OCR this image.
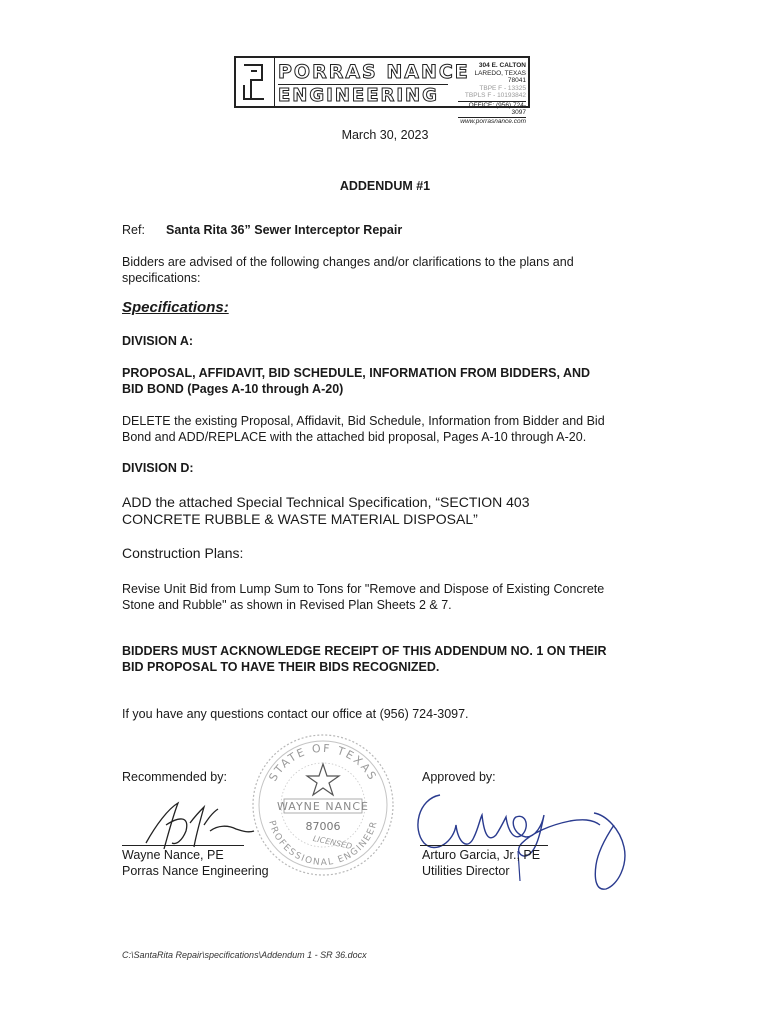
PORRAS NANCE
ENGINEERING
304 E. CALTON
LAREDO, TEXAS 78041
TBPE F - 13325
TBPLS F - 10193842
OFFICE: (956) 724-3097
www.porrasnance.com
March 30, 2023
ADDENDUM #1
Ref: Santa Rita 36” Sewer Interceptor Repair
Bidders are advised of the following changes and/or clarifications to the plans and
specifications:
Specifications:
DIVISION A:
PROPOSAL, AFFIDAVIT, BID SCHEDULE, INFORMATION FROM BIDDERS, AND
BID BOND (Pages A-10 through A-20)
DELETE the existing Proposal, Affidavit, Bid Schedule, Information from Bidder and Bid
Bond and ADD/REPLACE with the attached bid proposal, Pages A-10 through A-20.
DIVISION D:
ADD the attached Special Technical Specification, “SECTION 403
CONCRETE RUBBLE & WASTE MATERIAL DISPOSAL”
Construction Plans:
Revise Unit Bid from Lump Sum to Tons for "Remove and Dispose of Existing Concrete
Stone and Rubble" as shown in Revised Plan Sheets 2 & 7.
BIDDERS MUST ACKNOWLEDGE RECEIPT OF THIS ADDENDUM NO. 1 ON THEIR
BID PROPOSAL TO HAVE THEIR BIDS RECOGNIZED.
If you have any questions contact our office at (956) 724-3097.
STATE OF TEXAS
PROFESSIONAL ENGINEER
WAYNE NANCE
87006
LICENSED
Recommended by:
Wayne Nance, PE
Porras Nance Engineering
Approved by:
Arturo Garcia, Jr., PE
Utilities Director
C:\SantaRita Repair\specifications\Addendum 1 - SR 36.docx
